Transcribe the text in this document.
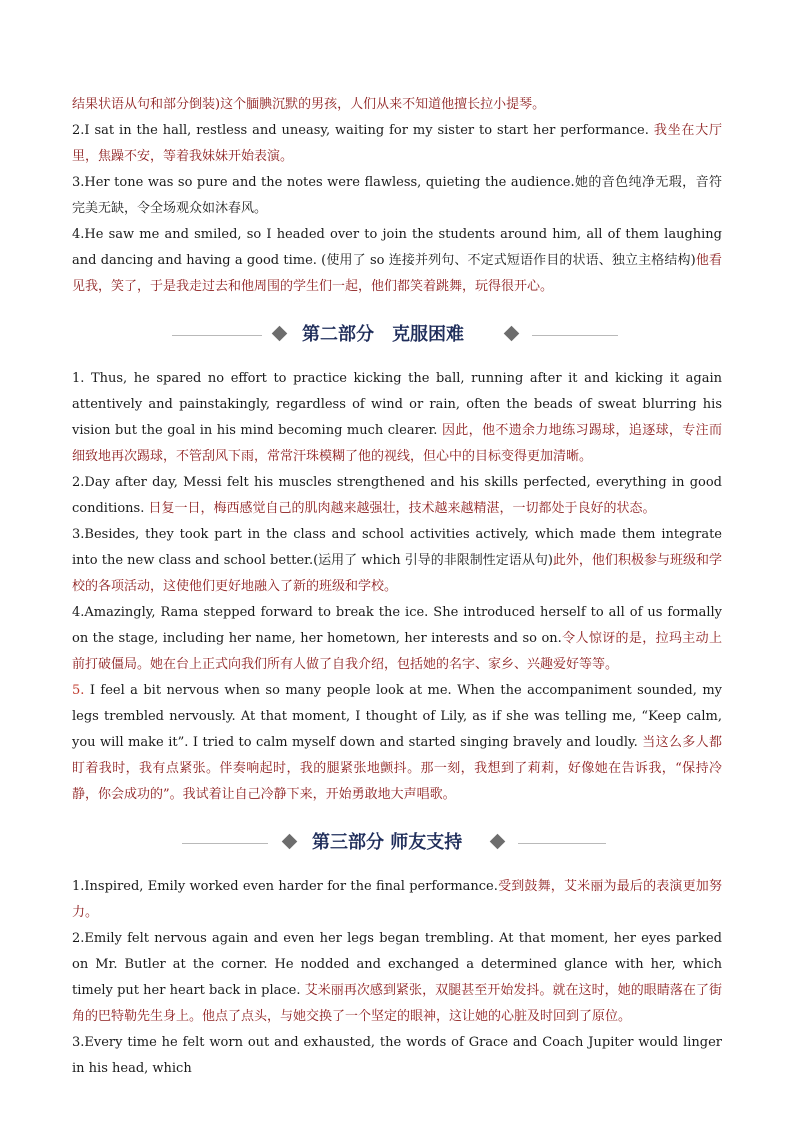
结果状语从句和部分倒装)这个腼腆沉默的男孩，人们从来不知道他擅长拉小提琴。

2.I sat in the hall, restless and uneasy, waiting for my sister to start her performance. 我坐在大厅里，焦躁不安，等着我妹妹开始表演。

3.Her tone was so pure and the notes were flawless, quieting the audience.她的音色纯净无瑕，音符完美无缺，令全场观众如沐春风。

4.He saw me and smiled, so I headed over to join the students around him, all of them laughing and dancing and having a good time. (使用了 so 连接并列句、不定式短语作目的状语、独立主格结构)他看见我，笑了，于是我走过去和他周围的学生们一起，他们都笑着跳舞，玩得很开心。

第二部分　克服困难

1. Thus, he spared no effort to practice kicking the ball, running after it and kicking it again attentively and painstakingly, regardless of wind or rain, often the beads of sweat blurring his vision but the goal in his mind becoming much clearer. 因此，他不遗余力地练习踢球，追逐球，专注而细致地再次踢球，不管刮风下雨，常常汗珠模糊了他的视线，但心中的目标变得更加清晰。

2.Day after day, Messi felt his muscles strengthened and his skills perfected, everything in good conditions. 日复一日，梅西感觉自己的肌肉越来越强壮，技术越来越精湛，一切都处于良好的状态。

3.Besides, they took part in the class and school activities actively, which made them integrate into the new class and school better.(运用了 which 引导的非限制性定语从句)此外，他们积极参与班级和学校的各项活动，这使他们更好地融入了新的班级和学校。

4.Amazingly, Rama stepped forward to break the ice. She introduced herself to all of us formally on the stage, including her name, her hometown, her interests and so on.令人惊讶的是，拉玛主动上前打破僵局。她在台上正式向我们所有人做了自我介绍，包括她的名字、家乡、兴趣爱好等等。

5. I feel a bit nervous when so many people look at me. When the accompaniment sounded, my legs trembled nervously. At that moment, I thought of Lily, as if she was telling me, “Keep calm, you will make it”. I tried to calm myself down and started singing bravely and loudly. 当这么多人都盯着我时，我有点紧张。伴奏响起时，我的腿紧张地颤抖。那一刻，我想到了莉莉，好像她在告诉我，“保持冷静，你会成功的”。我试着让自己冷静下来，开始勇敢地大声唱歌。

第三部分 师友支持

1.Inspired, Emily worked even harder for the final performance.受到鼓舞，艾米丽为最后的表演更加努力。

2.Emily felt nervous again and even her legs began trembling. At that moment, her eyes parked on Mr. Butler at the corner. He nodded and exchanged a determined glance with her, which timely put her heart back in place. 艾米丽再次感到紧张，双腿甚至开始发抖。就在这时，她的眼睛落在了街角的巴特勒先生身上。他点了点头，与她交换了一个坚定的眼神，这让她的心脏及时回到了原位。

3.Every time he felt worn out and exhausted, the words of Grace and Coach Jupiter would linger in his head, which
